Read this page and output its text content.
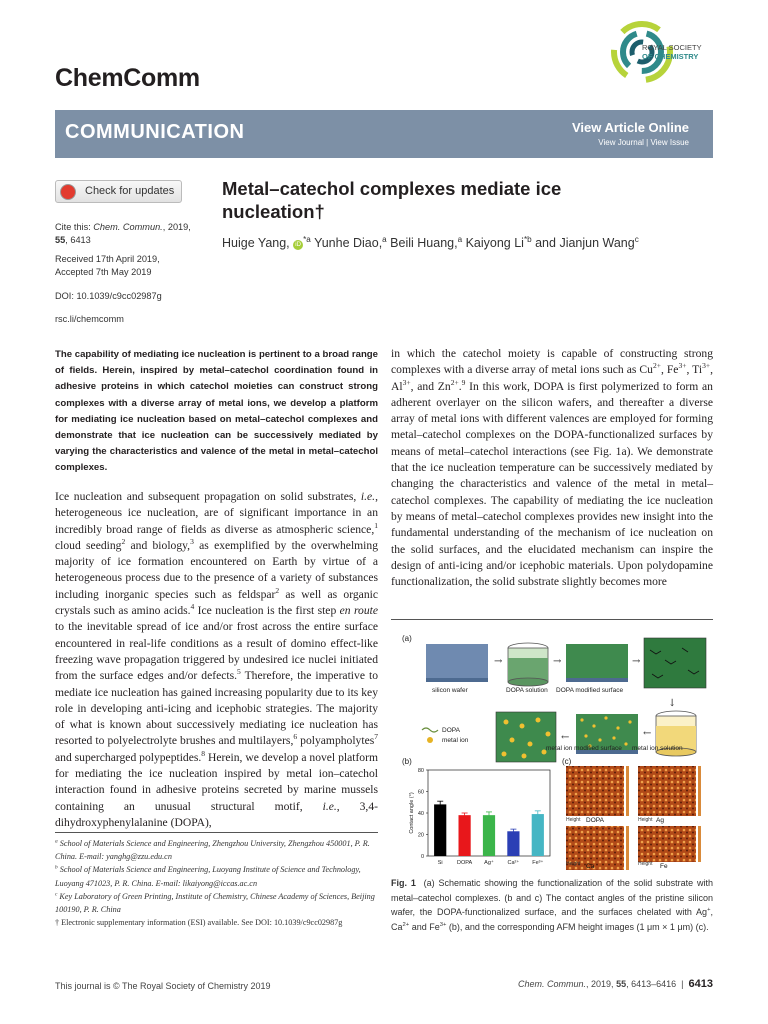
ChemComm
ROYAL SOCIETY
OF CHEMISTRY
COMMUNICATION	View Article Online
View Journal | View Issue
Check for updates
Cite this: Chem. Commun., 2019,
55, 6413
Received 17th April 2019,
Accepted 7th May 2019
DOI: 10.1039/c9cc02987g
rsc.li/chemcomm
Metal–catechol complexes mediate ice
nucleation†
Huige Yang, $iD^{*a}$ Yunhe Diao,$^a$ Beili Huang,$^a$ Kaiyong Li$^{*b}$ and Jianjun Wang$^c$
The capability of mediating ice nucleation is pertinent to a broad range of fields. Herein, inspired by metal–catechol coordination found in adhesive proteins in which catechol moieties can construct strong complexes with a diverse array of metal ions, we develop a platform for mediating ice nucleation based on metal–catechol complexes and demonstrate that ice nucleation can be successively mediated by varying the characteristics and valence of the metal in metal–catechol complexes.
Ice nucleation and subsequent propagation on solid substrates, i.e., heterogeneous ice nucleation, are of significant importance in an incredibly broad range of fields as diverse as atmospheric science,$^1$ cloud seeding$^2$ and biology,$^3$ as exemplified by the overwhelming majority of ice formation encountered on Earth by virtue of a heterogeneous process due to the presence of a variety of substances including inorganic species such as feldspar$^2$ as well as organic crystals such as amino acids.$^4$ Ice nucleation is the first step en route to the inevitable spread of ice and/or frost across the entire surface encountered in real-life conditions as a result of domino effect-like freezing wave propagation triggered by undesired ice nuclei initiated from the surface edges and/or defects.$^5$ Therefore, the imperative to mediate ice nucleation has gained increasing popularity due to its key role in developing anti-icing and icephobic strategies. The majority of what is known about successively mediating ice nucleation has resorted to polyelectrolyte brushes and multilayers,$^6$ polyampholytes$^7$ and supercharged polypeptides.$^8$ Herein, we develop a novel platform for mediating the ice nucleation inspired by metal ion–catechol interaction found in adhesive proteins secreted by marine mussels containing an unusual structural motif, i.e., 3,4-dihydroxyphenylalanine (DOPA),
in which the catechol moiety is capable of constructing strong complexes with a diverse array of metal ions such as $Cu^{2+}$, $Fe^{3+}$, $Ti^{3+}$, $Al^{3+}$, and $Zn^{2+}.^9$ In this work, DOPA is first polymerized to form an adherent overlayer on the silicon wafers, and thereafter a diverse array of metal ions with different valences are employed for forming metal–catechol complexes on the DOPA-functionalized surfaces by means of metal–catechol interactions (see Fig. 1a). We demonstrate that the ice nucleation temperature can be successively mediated by changing the characteristics and valence of the metal in metal–catechol complexes. The capability of mediating the ice nucleation by means of metal–catechol complexes provides new insight into the fundamental understanding of the mechanism of ice nucleation on the solid surfaces, and the elucidated mechanism can inspire the design of anti-icing and/or icephobic materials. Upon polydopamine functionalization, the solid substrate slightly becomes more

$^a$ School of Materials Science and Engineering, Zhengzhou University, Zhengzhou 450001, P. R. China. E-mail: yanghg@zzu.edu.cn

$^b$ School of Materials Science and Engineering, Luoyang Institute of Science and Technology, Luoyang 471023, P. R. China. E-mail: likaiyong@iccas.ac.cn

$^c$ Key Laboratory of Green Printing, Institute of Chemistry, Chinese Academy of Sciences, Beijing 100190, P. R. China

† Electronic supplementary information (ESI) available. See DOI: 10.1039/c9cc02987g

(a)
silicon wafer
→
DOPA solution
→
DOPA modified surface
→
↓
DOPA
metal ion	←	←
metal ion modified surface metal ion solution
(b)
0
20
40
60
80
Contact angle (°)
Si	DOPA Ag⁺ Ca²⁺ Fe³⁺
(c)
Height DOPA	Height Ag
Height Ca	Height Fe
Fig. 1 (a) Schematic showing the functionalization of the solid substrate with metal–catechol complexes. (b and c) The contact angles of the pristine silicon wafer, the DOPA-functionalized surface, and the surfaces chelated with Ag+, $Ca^{2+}$ and $Fe^{3+}$ (b), and the corresponding AFM height images (1 μm × 1 μm) (c).
This journal is © The Royal Society of Chemistry 2019	Chem. Commun., 2019, 55, 6413–6416 | 6413
